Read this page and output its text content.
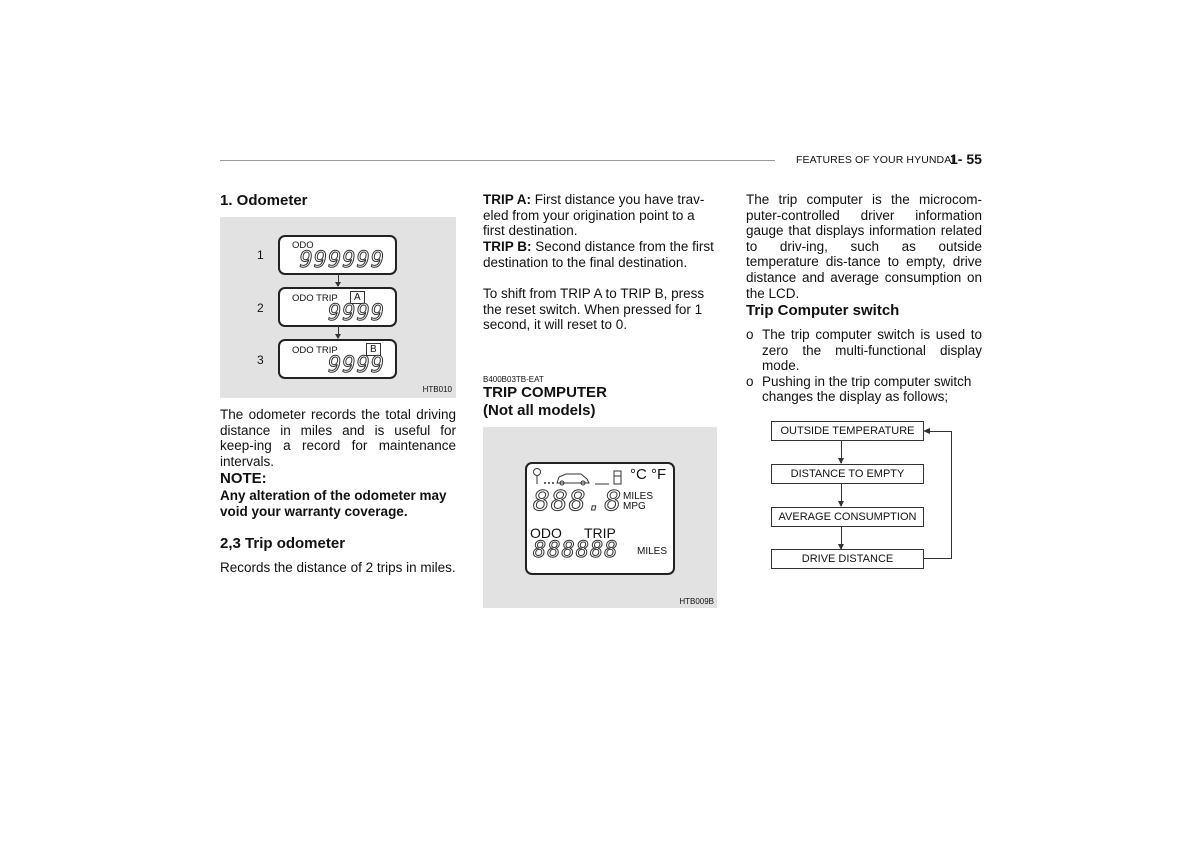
FEATURES OF YOUR HYUNDAI
1- 55
1. Odometer
1
ODO
999999
2
ODO TRIP	A
9999
3
ODO TRIP	B
9999
HTB010

The odometer records the total driving distance in miles and is useful for keep-ing a record for maintenance intervals.

NOTE:

Any alteration of the odometer may void your warranty coverage.

2,3 Trip odometer

Records the distance of 2 trips in miles.

TRIP A: First distance you have trav-eled from your origination point to a first destination.

TRIP B: Second distance from the first destination to the final destination.

To shift from TRIP A to TRIP B, press the reset switch. When pressed for 1 second, it will reset to 0.

B400B03TB-EAT
TRIP COMPUTER
(Not all models)
°C °F
888.8 MILES
MPG
ODO TRIP
888888 MILES
HTB009B

The trip computer is the microcom-puter-controlled driver information gauge that displays information related to driv-ing, such as outside temperature dis-tance to empty, drive distance and average consumption on the LCD.

Trip Computer switch
o The trip computer switch is used to zero the multi-functional display mode.
o Pushing in the trip computer switch changes the display as follows;
OUTSIDE TEMPERATURE
DISTANCE TO EMPTY
AVERAGE CONSUMPTION
DRIVE DISTANCE
